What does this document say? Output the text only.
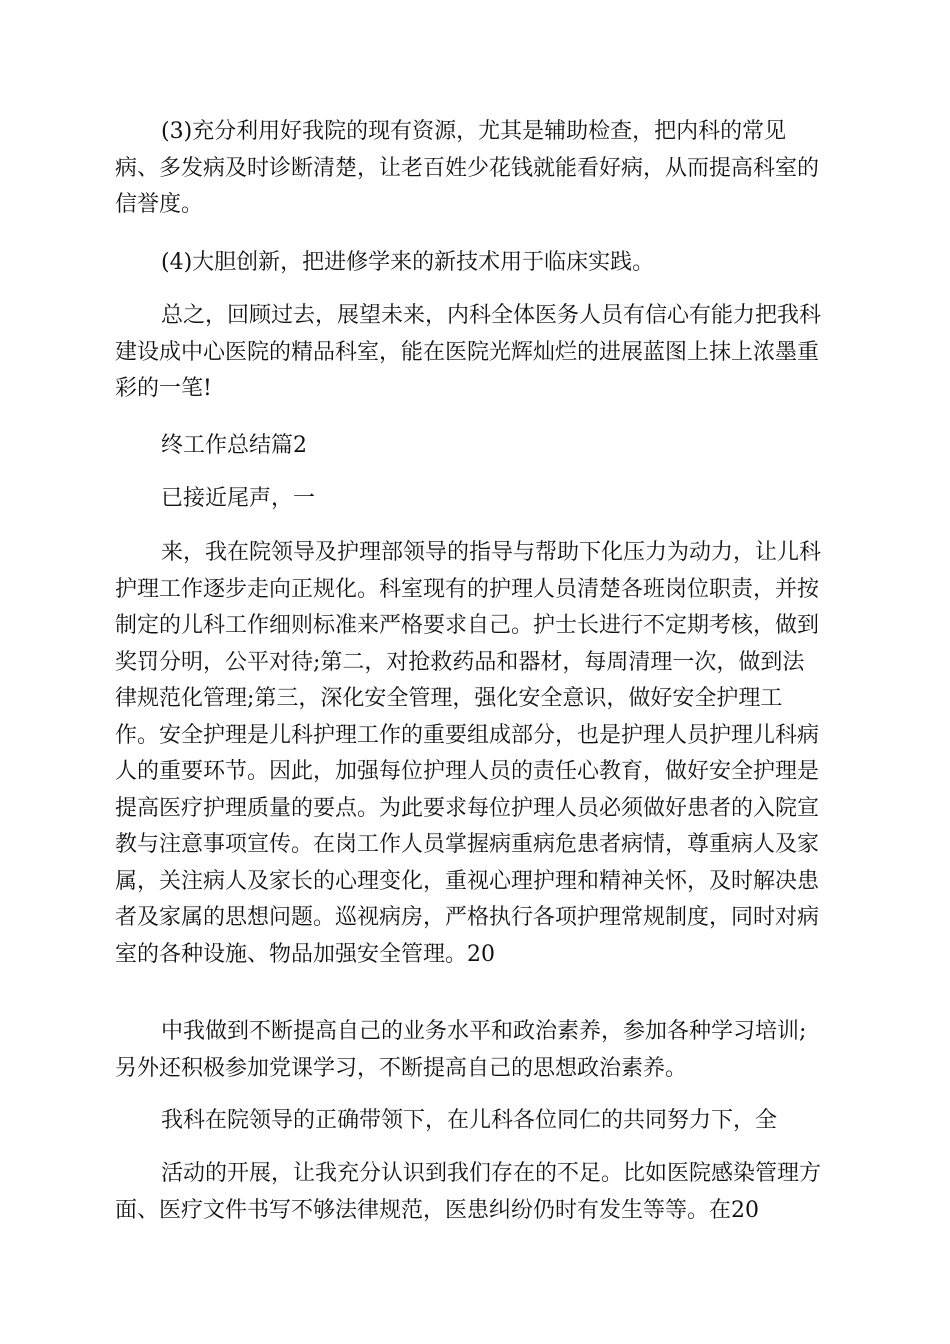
(3)充分利用好我院的现有资源，尤其是辅助检查，把内科的常见
病、多发病及时诊断清楚，让老百姓少花钱就能看好病，从而提高科室的
信誉度。

(4)大胆创新，把进修学来的新技术用于临床实践。

总之，回顾过去，展望未来，内科全体医务人员有信心有能力把我科
建设成中心医院的精品科室，能在医院光辉灿烂的进展蓝图上抹上浓墨重
彩的一笔!

终工作总结篇2

已接近尾声，一

来，我在院领导及护理部领导的指导与帮助下化压力为动力，让儿科
护理工作逐步走向正规化。科室现有的护理人员清楚各班岗位职责，并按
制定的儿科工作细则标准来严格要求自己。护士长进行不定期考核，做到
奖罚分明，公平对待;第二，对抢救药品和器材，每周清理一次，做到法
律规范化管理;第三，深化安全管理，强化安全意识，做好安全护理工
作。安全护理是儿科护理工作的重要组成部分，也是护理人员护理儿科病
人的重要环节。因此，加强每位护理人员的责任心教育，做好安全护理是
提高医疗护理质量的要点。为此要求每位护理人员必须做好患者的入院宣
教与注意事项宣传。在岗工作人员掌握病重病危患者病情，尊重病人及家
属，关注病人及家长的心理变化，重视心理护理和精神关怀，及时解决患
者及家属的思想问题。巡视病房，严格执行各项护理常规制度，同时对病
室的各种设施、物品加强安全管理。20

中我做到不断提高自己的业务水平和政治素养，参加各种学习培训;
另外还积极参加党课学习，不断提高自己的思想政治素养。

我科在院领导的正确带领下，在儿科各位同仁的共同努力下，全

活动的开展，让我充分认识到我们存在的不足。比如医院感染管理方
面、医疗文件书写不够法律规范，医患纠纷仍时有发生等等。在20
